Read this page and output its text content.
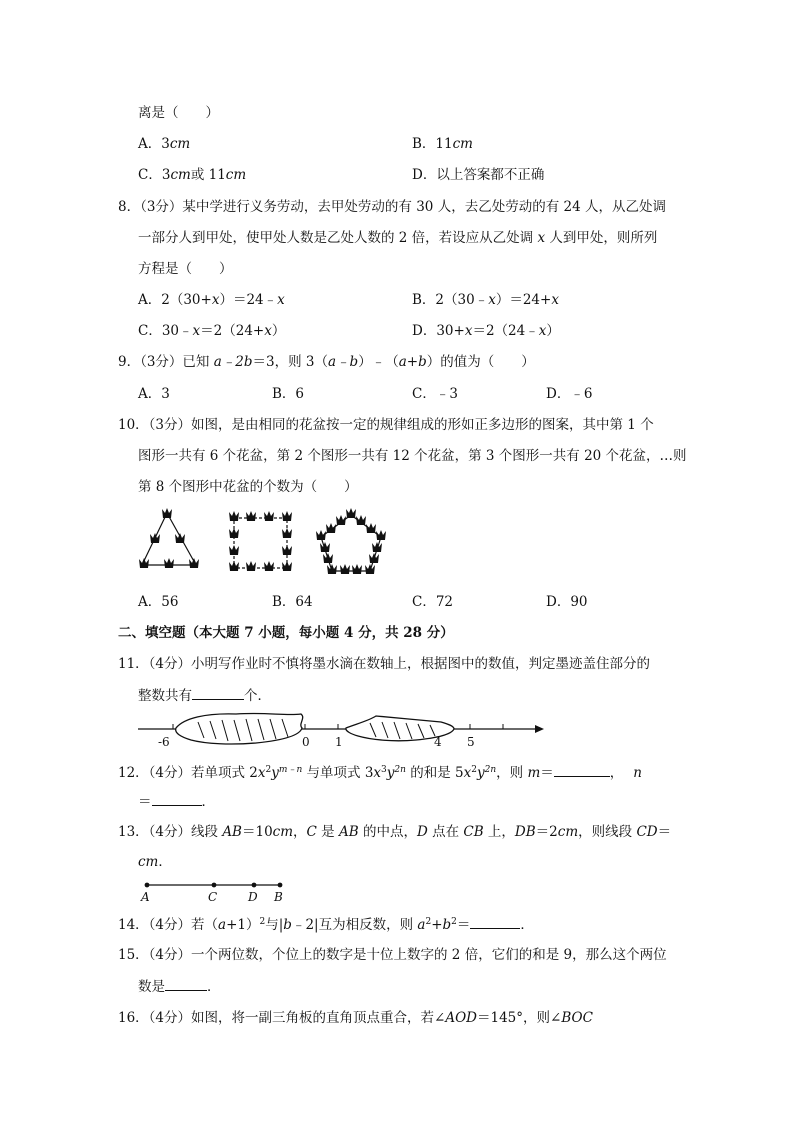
离是（　　）
A．3cm	B．11cm
C．3cm或 11cm	D．以上答案都不正确
8．（3分）某中学进行义务劳动，去甲处劳动的有 30 人，去乙处劳动的有 24 人，从乙处调
一部分人到甲处，使甲处人数是乙处人数的 2 倍，若设应从乙处调 x 人到甲处，则所列
方程是（　　）
A．2（30+x）＝24﹣x	B．2（30﹣x）＝24+x
C．30﹣x＝2（24+x）	D．30+x＝2（24﹣x）
9．（3分）已知 a﹣2b＝3，则 3（a﹣b）﹣（a+b）的值为（　　）
A．3	B．6	C．﹣3	D．﹣6
10．（3分）如图，是由相同的花盆按一定的规律组成的形如正多边形的图案，其中第 1 个
图形一共有 6 个花盆，第 2 个图形一共有 12 个花盆，第 3 个图形一共有 20 个花盆，…则
第 8 个图形中花盆的个数为（　　）
A．56	B．64	C．72	D．90
二、填空题（本大题 7 小题，每小题 4 分，共 28 分）
11．（4分）小明写作业时不慎将墨水滴在数轴上，根据图中的数值，判定墨迹盖住部分的
整数共有	个．
-6	0 1	4 5
12．（4分）若单项式 $2x^2y^{m﹣n}$ 与单项式 $3x^3y^{2n}$ 的和是 $5x^2y^{2n}$，则 m＝	， n
＝	．
13．（4分）线段 AB＝10cm，C 是 AB 的中点，D 点在 CB 上，DB＝2cm，则线段 CD＝
cm．
A	C	D B
14．（4分）若$(a+1)^2$与|b﹣2|互为相反数，则 $a^2+b^2=$	．
15．（4分）一个两位数，个位上的数字是十位上数字的 2 倍，它们的和是 9，那么这个两位
数是	．
16．（4分）如图，将一副三角板的直角顶点重合，若∠AOD＝145°，则∠BOC
